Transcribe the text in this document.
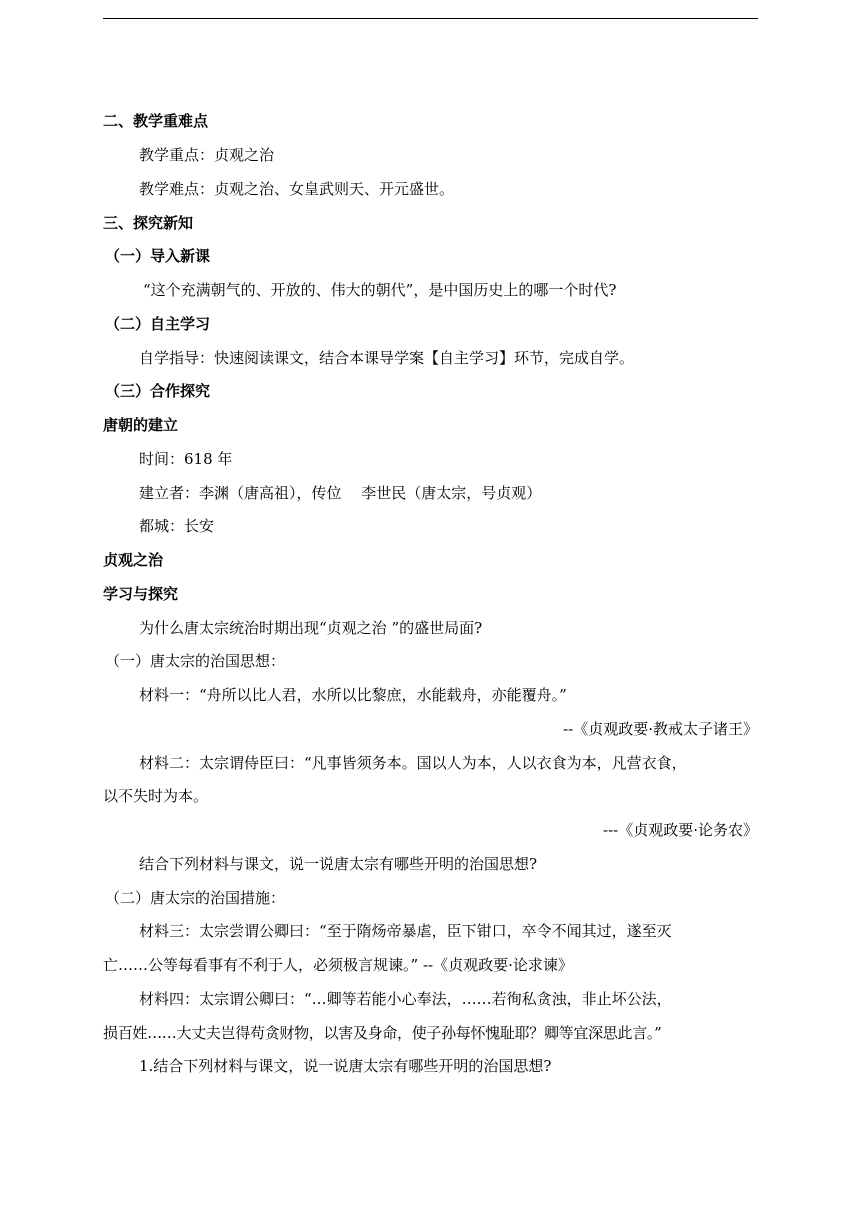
二、教学重难点
教学重点：贞观之治
教学难点：贞观之治、女皇武则天、开元盛世。
三、探究新知
（一）导入新课
“这个充满朝气的、开放的、伟大的朝代”，是中国历史上的哪一个时代?
（二）自主学习
自学指导：快速阅读课文，结合本课导学案【自主学习】环节，完成自学。
（三）合作探究
唐朝的建立
时间：618 年
建立者：李渊（唐高祖），传位　 李世民（唐太宗，号贞观）
都城：长安
贞观之治
学习与探究
为什么唐太宗统治时期出现“贞观之治 ”的盛世局面?
（一）唐太宗的治国思想：
材料一：“舟所以比人君，水所以比黎庶，水能载舟，亦能覆舟。”
--《贞观政要·教戒太子诸王》
材料二：太宗谓侍臣曰：“凡事皆须务本。国以人为本，人以衣食为本，凡营衣食，
以不失时为本。
---《贞观政要·论务农》
结合下列材料与课文，说一说唐太宗有哪些开明的治国思想?
（二）唐太宗的治国措施：
材料三：太宗尝谓公卿曰：“至于隋炀帝暴虐，臣下钳口，卒令不闻其过，遂至灭
亡……公等每看事有不利于人，必须极言规谏。” --《贞观政要·论求谏》
材料四：太宗谓公卿曰：“…卿等若能小心奉法，……若徇私贪浊，非止坏公法，
损百姓……大丈夫岂得苟贪财物，以害及身命，使子孙每怀愧耻耶？卿等宜深思此言。”
1.结合下列材料与课文，说一说唐太宗有哪些开明的治国思想?
